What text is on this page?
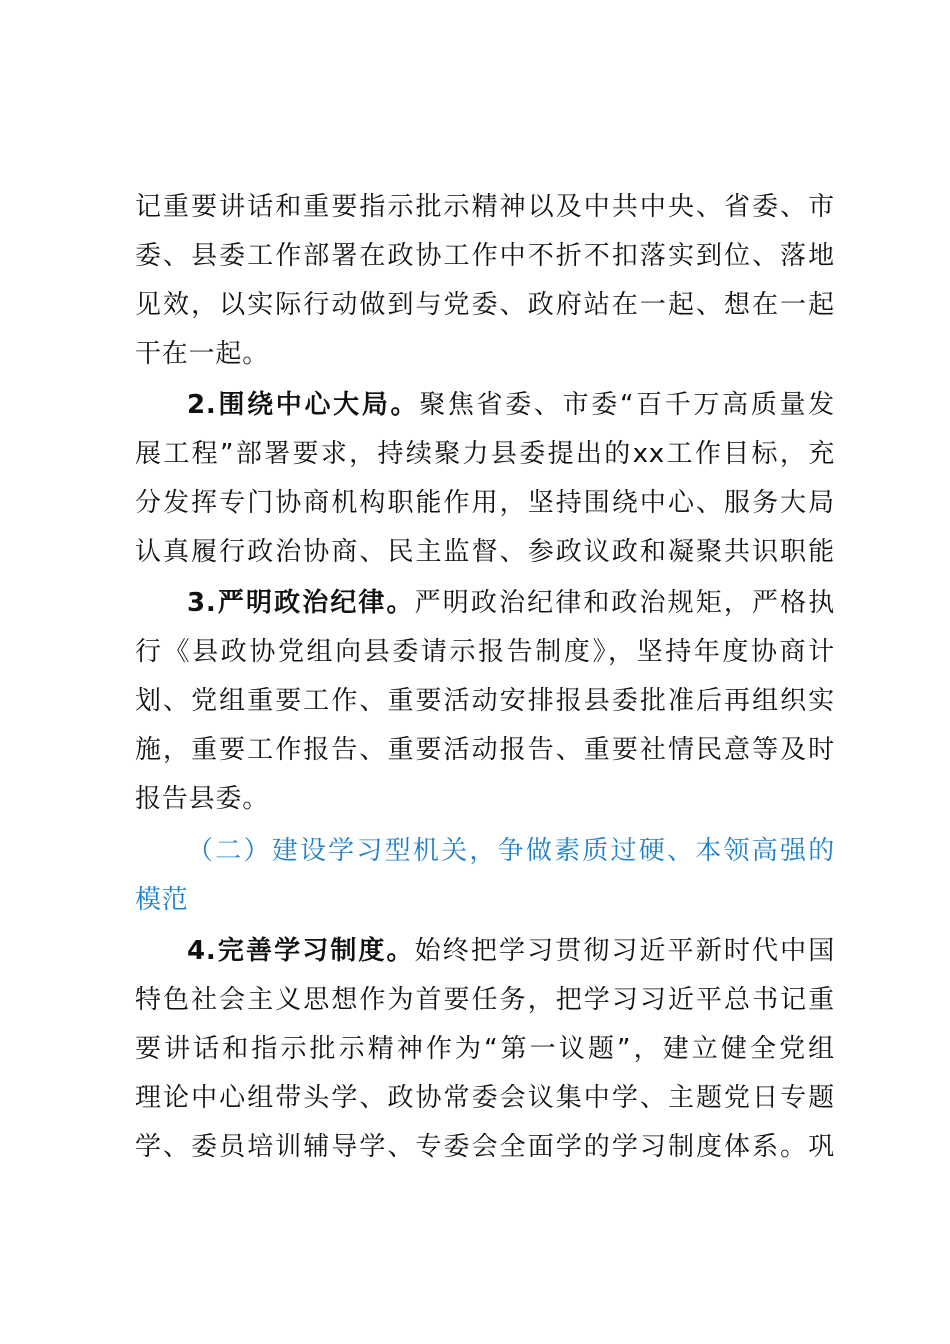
记重要讲话和重要指示批示精神以及中共中央、省委、市
委、县委工作部署在政协工作中不折不扣落实到位、落地
见效，以实际行动做到与党委、政府站在一起、想在一起
干在一起。
2.围绕中心大局。聚焦省委、市委“百千万高质量发
展工程”部署要求，持续聚力县委提出的xx工作目标，充
分发挥专门协商机构职能作用，坚持围绕中心、服务大局
认真履行政治协商、民主监督、参政议政和凝聚共识职能
3.严明政治纪律。严明政治纪律和政治规矩，严格执
行《县政协党组向县委请示报告制度》，坚持年度协商计
划、党组重要工作、重要活动安排报县委批准后再组织实
施，重要工作报告、重要活动报告、重要社情民意等及时
报告县委。
（二）建设学习型机关，争做素质过硬、本领高强的
模范
4.完善学习制度。始终把学习贯彻习近平新时代中国
特色社会主义思想作为首要任务，把学习习近平总书记重
要讲话和指示批示精神作为“第一议题”，建立健全党组
理论中心组带头学、政协常委会议集中学、主题党日专题
学、委员培训辅导学、专委会全面学的学习制度体系。巩
